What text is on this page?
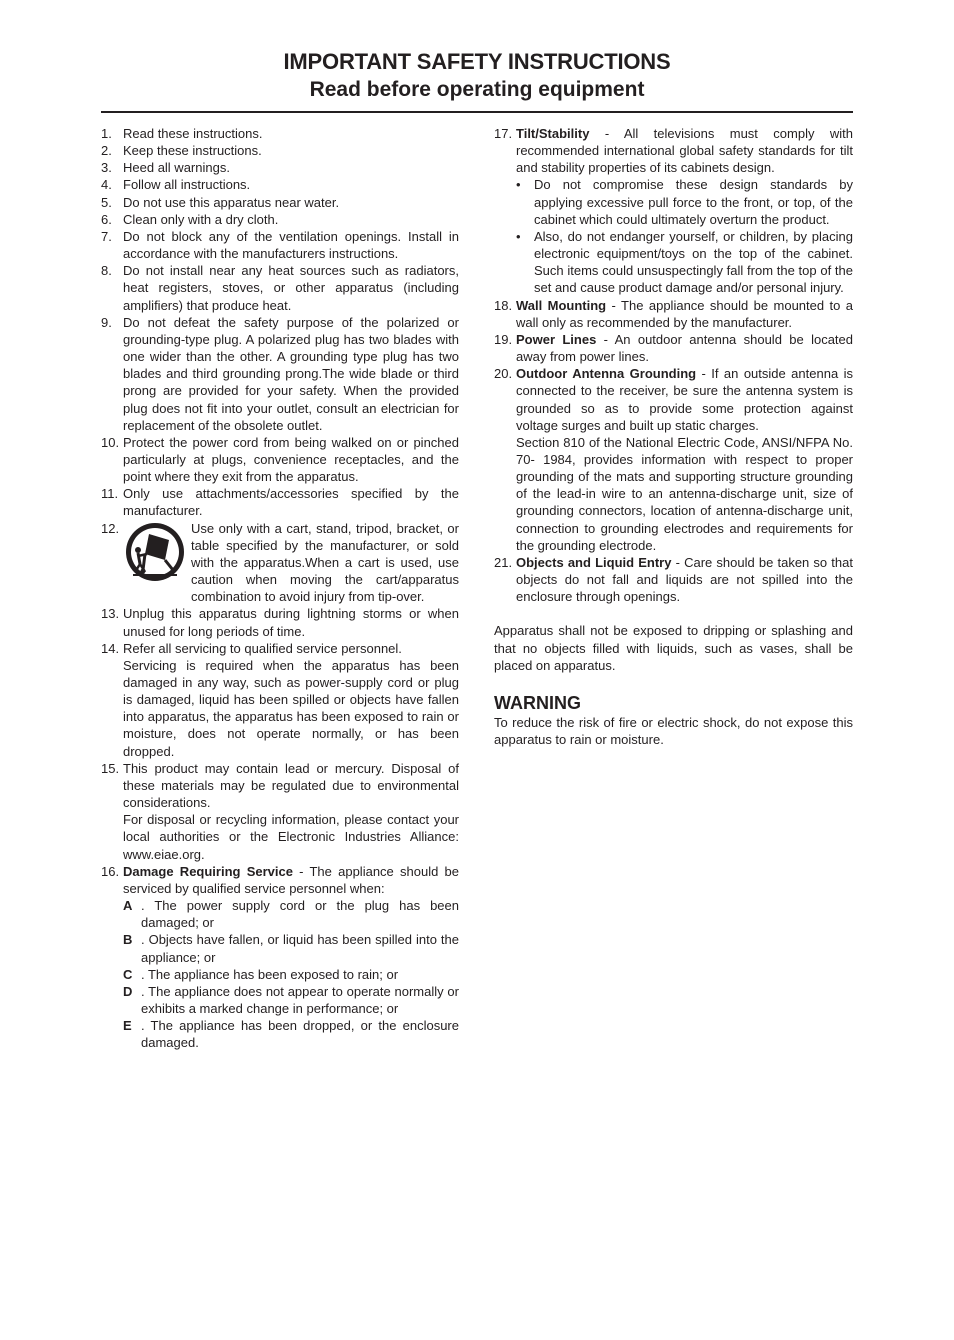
IMPORTANT SAFETY INSTRUCTIONS
Read before operating equipment
1. Read these instructions.
2. Keep these instructions.
3. Heed all warnings.
4. Follow all instructions.
5. Do not use this apparatus near water.
6. Clean only with a dry cloth.
7. Do not block any of the ventilation openings. Install in accordance with the manufacturers instructions.
8. Do not install near any heat sources such as radiators, heat registers, stoves, or other apparatus (including amplifiers) that produce heat.
9. Do not defeat the safety purpose of the polarized or grounding-type plug. A polarized plug has two blades with one wider than the other. A grounding type plug has two blades and third grounding prong.The wide blade or third prong are provided for your safety. When the provided plug does not fit into your outlet, consult an electrician for replacement of the obsolete outlet.
10. Protect the power cord from being walked on or pinched particularly at plugs, convenience receptacles, and the point where they exit from the apparatus.
11. Only use attachments/accessories specified by the manufacturer.
12.	Use only with a cart, stand, tripod, bracket, or table specified by the manufacturer, or sold with the apparatus.When a cart is used, use caution when moving the cart/apparatus combination to avoid injury from tip-over.
13. Unplug this apparatus during lightning storms or when unused for long periods of time.
14. Refer all servicing to qualified service personnel.
Servicing is required when the apparatus has been damaged in any way, such as power-supply cord or plug is damaged, liquid has been spilled or objects have fallen into apparatus, the apparatus has been exposed to rain or moisture, does not operate normally, or has been dropped.
15. This product may contain lead or mercury. Disposal of these materials may be regulated due to environmental considerations.
For disposal or recycling information, please contact your local authorities or the Electronic Industries Alliance: www.eiae.org.
16. Damage Requiring Service - The appliance should be serviced by qualified service personnel when:
A . The power supply cord or the plug has been damaged; or
B . Objects have fallen, or liquid has been spilled into the appliance; or
C . The appliance has been exposed to rain; or
D . The appliance does not appear to operate normally or exhibits a marked change in performance; or
E . The appliance has been dropped, or the enclosure damaged.
17. Tilt/Stability - All televisions must comply with recommended international global safety standards for tilt and stability properties of its cabinets design.
•	Do not compromise these design standards by applying excessive pull force to the front, or top, of the cabinet which could ultimately overturn the product.
•	Also, do not endanger yourself, or children, by placing electronic equipment/toys on the top of the cabinet. Such items could unsuspectingly fall from the top of the set and cause product damage and/or personal injury.
18. Wall Mounting - The appliance should be mounted to a wall only as recommended by the manufacturer.
19. Power Lines - An outdoor antenna should be located away from power lines.
20. Outdoor Antenna Grounding - If an outside antenna is connected to the receiver, be sure the antenna system is grounded so as to provide some protection against voltage surges and built up static charges.
Section 810 of the National Electric Code, ANSI/NFPA No. 70- 1984, provides information with respect to proper grounding of the mats and supporting structure grounding of the lead-in wire to an antenna-discharge unit, size of grounding connectors, location of antenna-discharge unit, connection to grounding electrodes and requirements for the grounding electrode.
21. Objects and Liquid Entry - Care should be taken so that objects do not fall and liquids are not spilled into the enclosure through openings.
Apparatus shall not be exposed to dripping or splashing and that no objects filled with liquids, such as vases, shall be placed on apparatus.
WARNING
To reduce the risk of fire or electric shock, do not expose this apparatus to rain or moisture.
